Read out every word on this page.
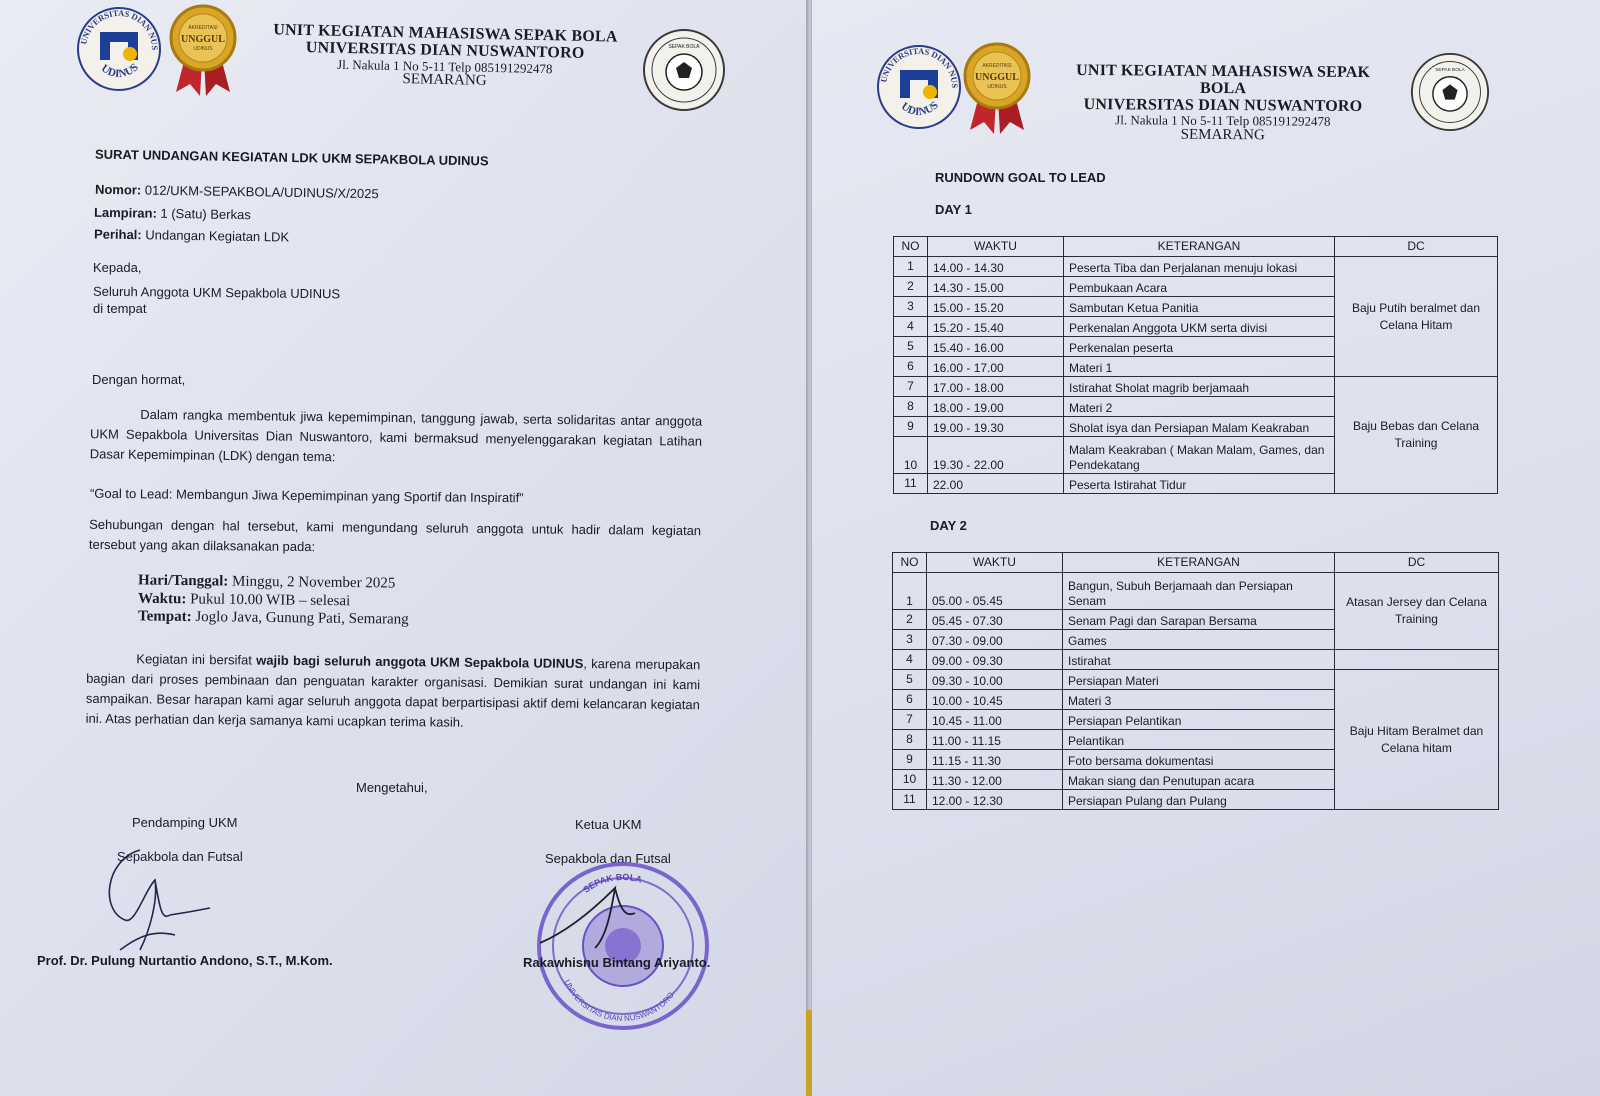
UNIVERSITAS DIAN NUS
UDINUS
AKREDITASI
UNGGUL
UDINUS
UNIT KEGIATAN MAHASISWA SEPAK BOLA
UNIVERSITAS DIAN NUSWANTORO
Jl. Nakula 1 No 5-11 Telp 085191292478
SEMARANG
SEPAK BOLA
SURAT UNDANGAN KEGIATAN LDK UKM SEPAKBOLA UDINUS
Nomor: 012/UKM-SEPAKBOLA/UDINUS/X/2025
Lampiran: 1 (Satu) Berkas
Perihal: Undangan Kegiatan LDK
Kepada,
Seluruh Anggota UKM Sepakbola UDINUS
di tempat
Dengan hormat,
Dalam rangka membentuk jiwa kepemimpinan, tanggung jawab, serta solidaritas antar anggota UKM Sepakbola Universitas Dian Nuswantoro, kami bermaksud menyelenggarakan kegiatan Latihan Dasar Kepemimpinan (LDK) dengan tema:
“Goal to Lead: Membangun Jiwa Kepemimpinan yang Sportif dan Inspiratif”
Sehubungan dengan hal tersebut, kami mengundang seluruh anggota untuk hadir dalam kegiatan tersebut yang akan dilaksanakan pada:
Hari/Tanggal: Minggu, 2 November 2025
Waktu: Pukul 10.00 WIB – selesai
Tempat: Joglo Java, Gunung Pati, Semarang
Kegiatan ini bersifat wajib bagi seluruh anggota UKM Sepakbola UDINUS, karena merupakan bagian dari proses pembinaan dan penguatan karakter organisasi. Demikian surat undangan ini kami sampaikan. Besar harapan kami agar seluruh anggota dapat berpartisipasi aktif demi kelancaran kegiatan ini. Atas perhatian dan kerja samanya kami ucapkan terima kasih.
Mengetahui,
Pendamping UKM
Sepakbola dan Futsal
Prof. Dr. Pulung Nurtantio Andono, S.T., M.Kom.
Ketua UKM
Sepakbola dan Futsal
UNIVERSITAS DIAN NUSWANTORO
SEPAK BOLA
Rakawhisnu Bintang Ariyanto.
UNIVERSITAS DIAN NUS
UDINUS
AKREDITASI
UNGGUL
UDINUS
UNIT KEGIATAN MAHASISWA SEPAK BOLA
UNIVERSITAS DIAN NUSWANTORO
Jl. Nakula 1 No 5-11 Telp 085191292478
SEMARANG
SEPAK BOLA
RUNDOWN GOAL TO LEAD
DAY 1
NO	WAKTU	KETERANGAN	DC
1	14.00 - 14.30	Peserta Tiba dan Perjalanan menuju lokasi	Baju Putih beralmet dan Celana Hitam
2	14.30 - 15.00	Pembukaan Acara	
3	15.00 - 15.20	Sambutan Ketua Panitia	
4	15.20 - 15.40	Perkenalan Anggota UKM serta divisi	
5	15.40 - 16.00	Perkenalan peserta	
6	16.00 - 17.00	Materi 1	
7	17.00 - 18.00	Istirahat Sholat magrib berjamaah	Baju Bebas dan Celana Training
8	18.00 - 19.00	Materi 2	
9	19.00 - 19.30	Sholat isya dan Persiapan Malam Keakraban	
10	19.30 - 22.00	Malam Keakraban ( Makan Malam, Games, dan Pendekatang	
11	22.00	Peserta Istirahat Tidur	
DAY 2
NO	WAKTU	KETERANGAN	DC
1	05.00 - 05.45	Bangun, Subuh Berjamaah dan Persiapan Senam	Atasan Jersey dan Celana Training
2	05.45 - 07.30	Senam Pagi dan Sarapan Bersama	
3	07.30 - 09.00	Games	
4	09.00 - 09.30	Istirahat	
5	09.30 - 10.00	Persiapan Materi	Baju Hitam Beralmet dan Celana hitam
6	10.00 - 10.45	Materi 3	
7	10.45 - 11.00	Persiapan Pelantikan	
8	11.00 - 11.15	Pelantikan	
9	11.15 - 11.30	Foto bersama dokumentasi	
10	11.30 - 12.00	Makan siang dan Penutupan acara	
11	12.00 - 12.30	Persiapan Pulang dan Pulang	
